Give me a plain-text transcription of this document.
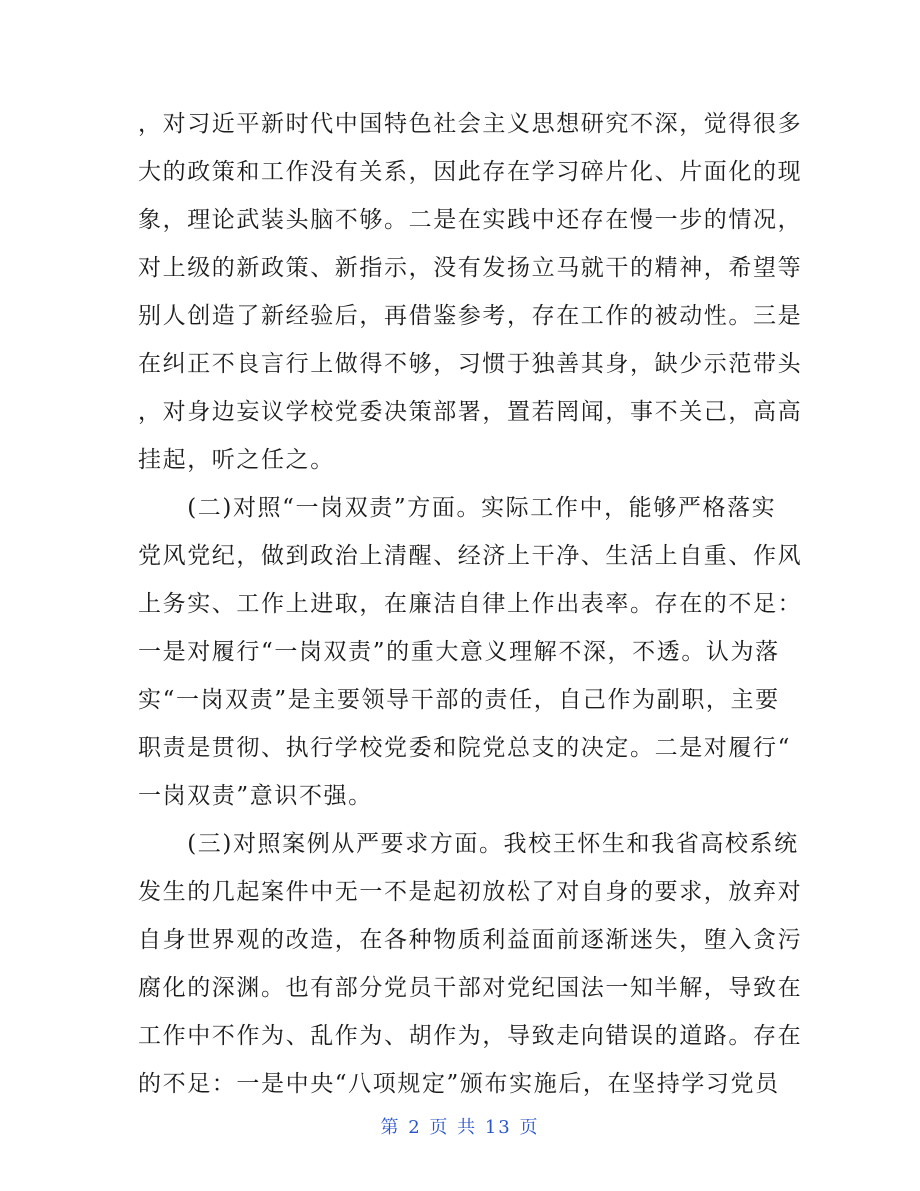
，对习近平新时代中国特色社会主义思想研究不深，觉得很多
大的政策和工作没有关系，因此存在学习碎片化、片面化的现
象，理论武装头脑不够。二是在实践中还存在慢一步的情况，
对上级的新政策、新指示，没有发扬立马就干的精神，希望等
别人创造了新经验后，再借鉴参考，存在工作的被动性。三是
在纠正不良言行上做得不够，习惯于独善其身，缺少示范带头
，对身边妄议学校党委决策部署，置若罔闻，事不关己，高高
挂起，听之任之。
　　(二)对照“一岗双责”方面。实际工作中，能够严格落实
党风党纪，做到政治上清醒、经济上干净、生活上自重、作风
上务实、工作上进取，在廉洁自律上作出表率。存在的不足：
一是对履行“一岗双责”的重大意义理解不深，不透。认为落
实“一岗双责”是主要领导干部的责任，自己作为副职，主要
职责是贯彻、执行学校党委和院党总支的决定。二是对履行“
一岗双责”意识不强。
　　(三)对照案例从严要求方面。我校王怀生和我省高校系统
发生的几起案件中无一不是起初放松了对自身的要求，放弃对
自身世界观的改造，在各种物质利益面前逐渐迷失，堕入贪污
腐化的深渊。也有部分党员干部对党纪国法一知半解，导致在
工作中不作为、乱作为、胡作为，导致走向错误的道路。存在
的不足：一是中央“八项规定”颁布实施后，在坚持学习党员
第 2 页 共 13 页
